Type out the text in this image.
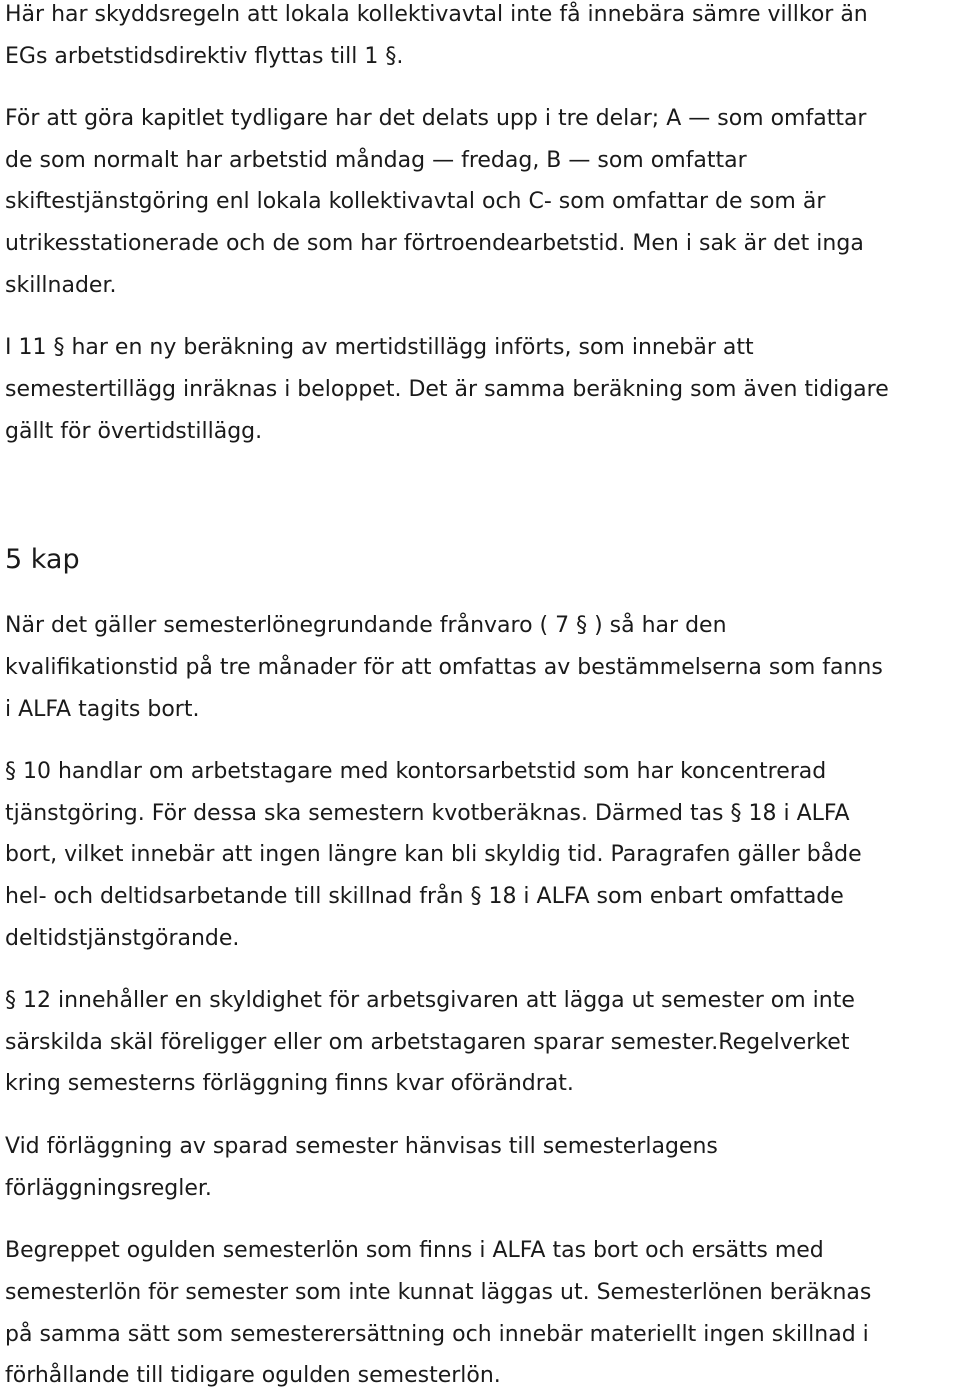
Här har skyddsregeln att lokala kollektivavtal inte få innebära sämre villkor än
EGs arbetstidsdirektiv flyttas till 1 §.
För att göra kapitlet tydligare har det delats upp i tre delar; A — som omfattar
de som normalt har arbetstid måndag — fredag, B — som omfattar
skiftestjänstgöring enl lokala kollektivavtal och C- som omfattar de som är
utrikesstationerade och de som har förtroendearbetstid. Men i sak är det inga
skillnader.
I 11 § har en ny beräkning av mertidstillägg införts, som innebär att
semestertillägg inräknas i beloppet. Det är samma beräkning som även tidigare
gällt för övertidstillägg.
5 kap
När det gäller semesterlönegrundande frånvaro ( 7 § ) så har den
kvalifikationstid på tre månader för att omfattas av bestämmelserna som fanns
i ALFA tagits bort.
§ 10 handlar om arbetstagare med kontorsarbetstid som har koncentrerad
tjänstgöring. För dessa ska semestern kvotberäknas. Därmed tas § 18 i ALFA
bort, vilket innebär att ingen längre kan bli skyldig tid. Paragrafen gäller både
hel- och deltidsarbetande till skillnad från § 18 i ALFA som enbart omfattade
deltidstjänstgörande.
§ 12 innehåller en skyldighet för arbetsgivaren att lägga ut semester om inte
särskilda skäl föreligger eller om arbetstagaren sparar semester.Regelverket
kring semesterns förläggning finns kvar oförändrat.
Vid förläggning av sparad semester hänvisas till semesterlagens
förläggningsregler.
Begreppet ogulden semesterlön som finns i ALFA tas bort och ersätts med
semesterlön för semester som inte kunnat läggas ut. Semesterlönen beräknas
på samma sätt som semesterersättning och innebär materiellt ingen skillnad i
förhållande till tidigare ogulden semesterlön.
